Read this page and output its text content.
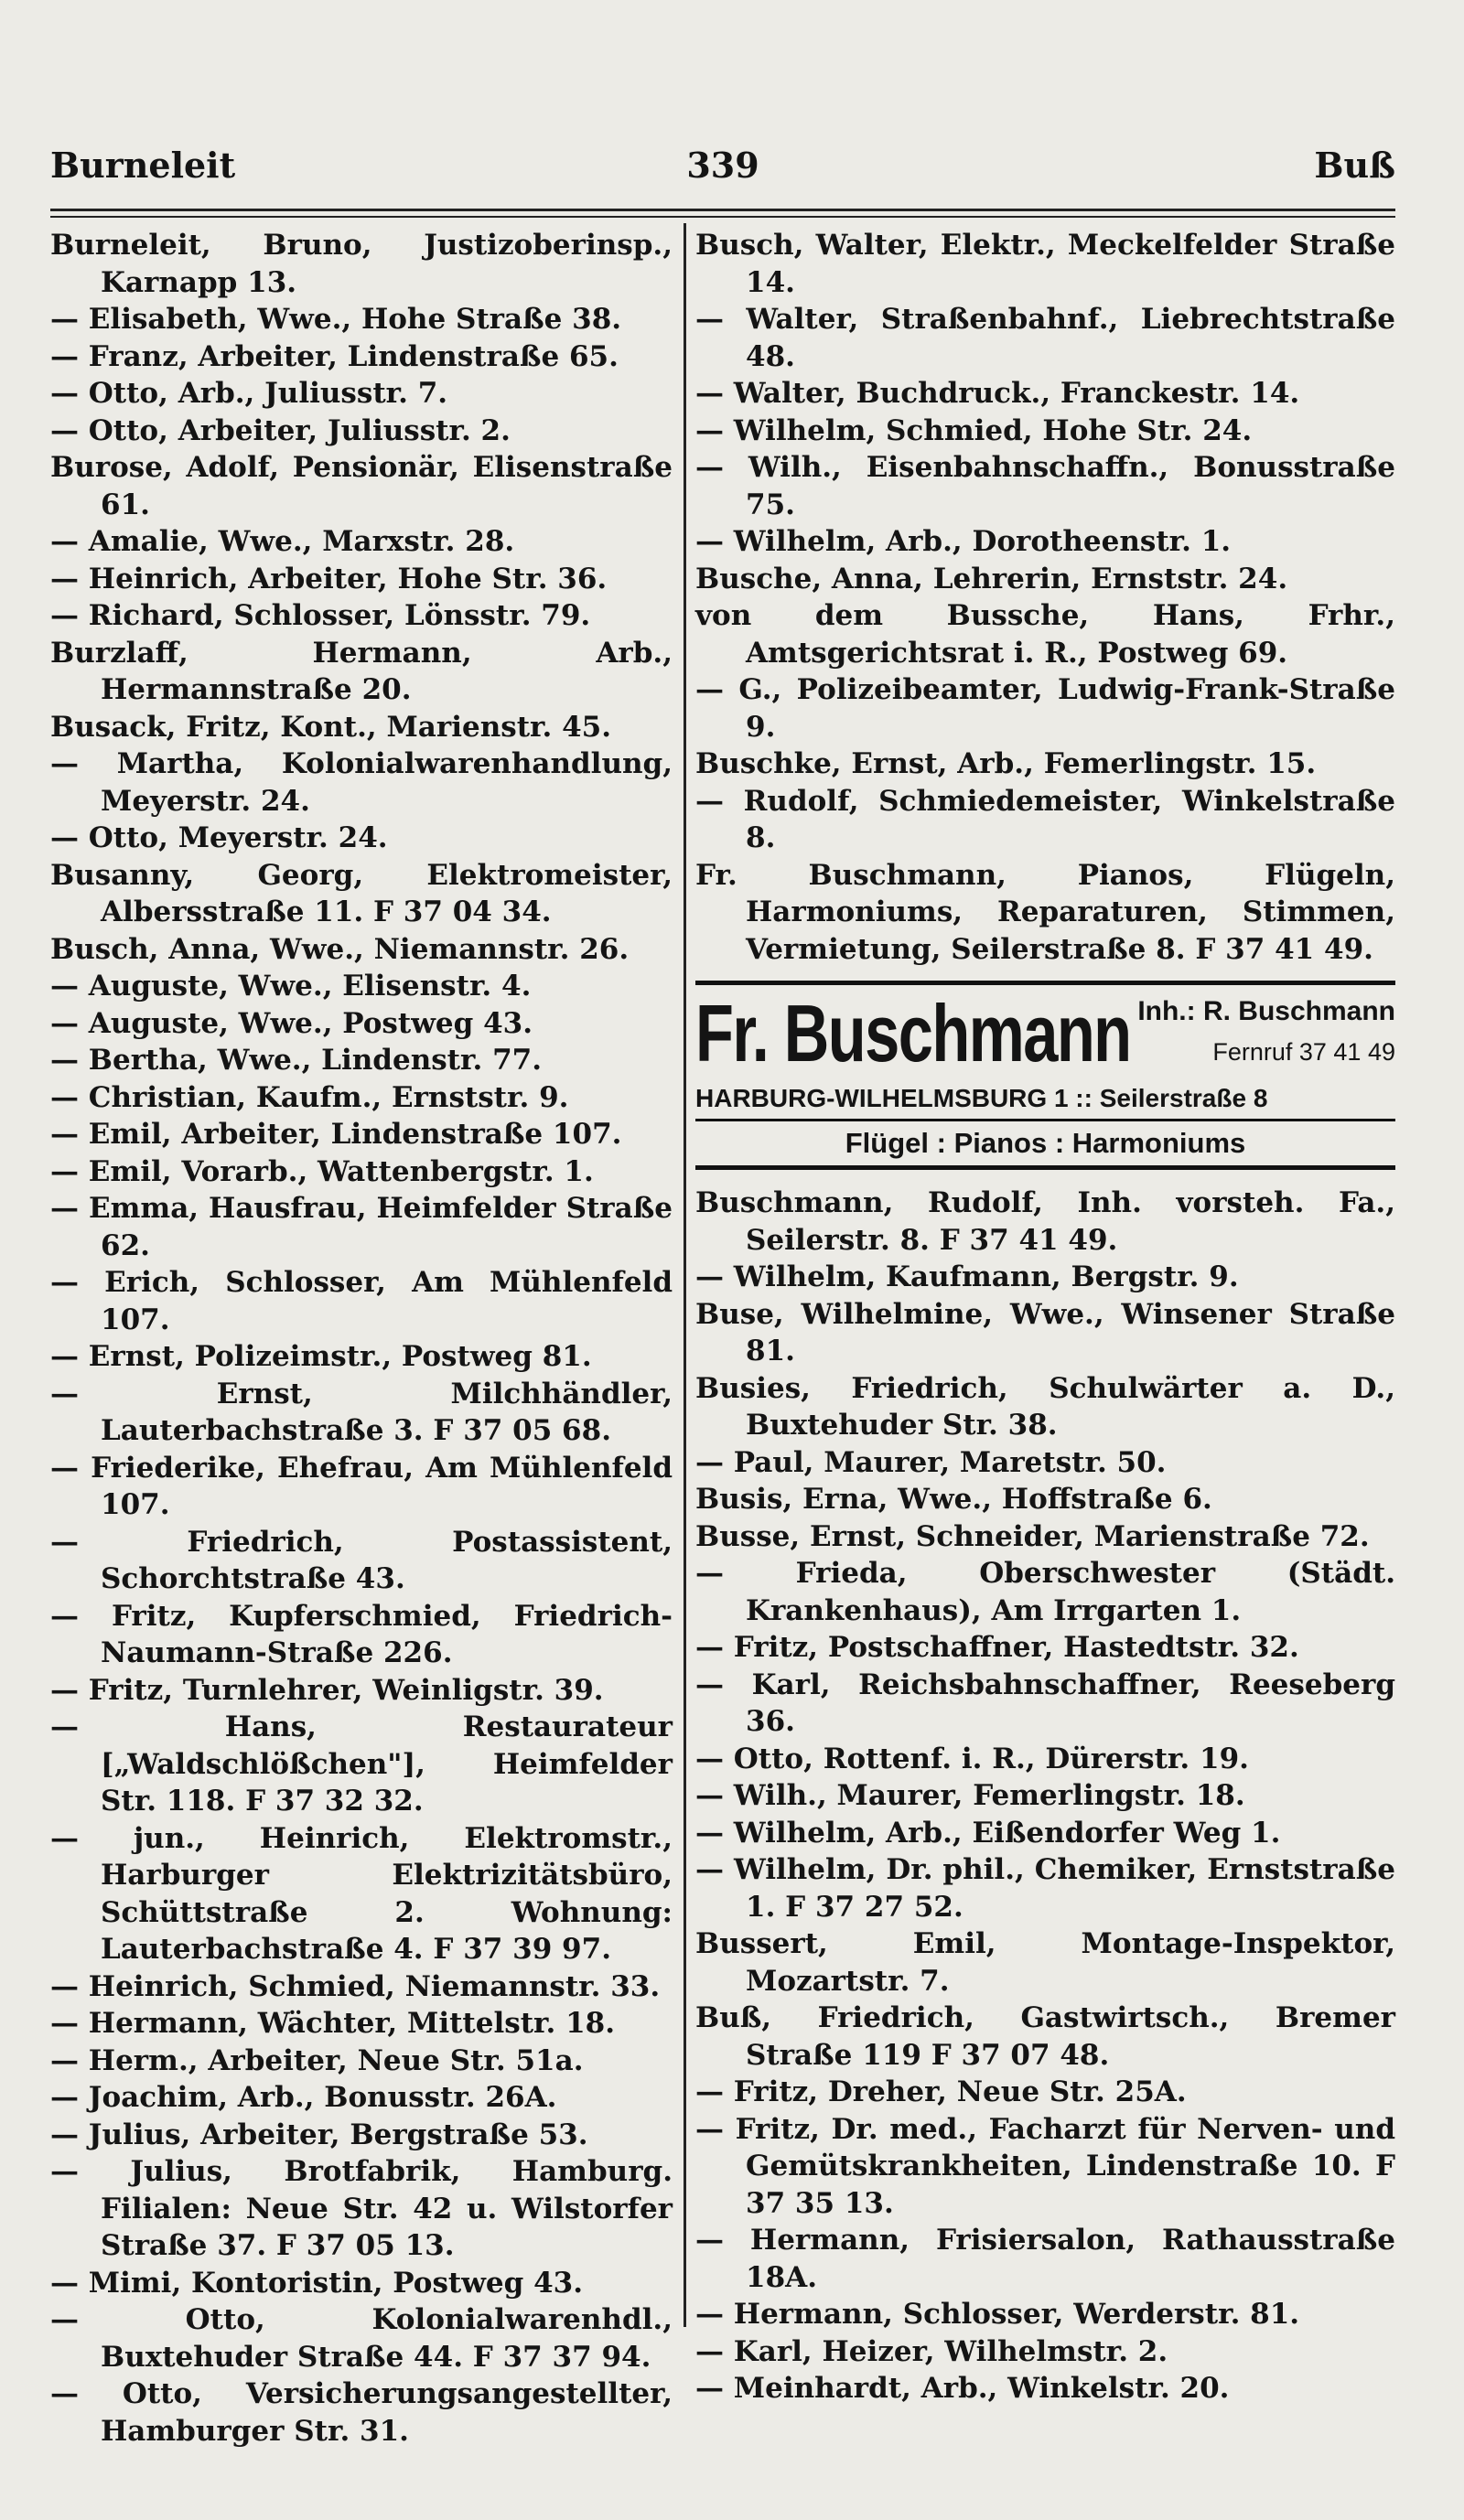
Burneleit	339	Buß

Burneleit, Bruno, Justizoberinsp., Karnapp 13.

— Elisabeth, Wwe., Hohe Straße 38.

— Franz, Arbeiter, Lindenstraße 65.

— Otto, Arb., Juliusstr. 7.

— Otto, Arbeiter, Juliusstr. 2.

Burose, Adolf, Pensionär, Elisenstraße 61.

— Amalie, Wwe., Marxstr. 28.

— Heinrich, Arbeiter, Hohe Str. 36.

— Richard, Schlosser, Lönsstr. 79.

Burzlaff, Hermann, Arb., Hermannstraße 20.

Busack, Fritz, Kont., Marienstr. 45.

— Martha, Kolonialwarenhandlung, Meyerstr. 24.

— Otto, Meyerstr. 24.

Busanny, Georg, Elektromeister, Albersstraße 11. F 37 04 34.

Busch, Anna, Wwe., Niemannstr. 26.

— Auguste, Wwe., Elisenstr. 4.

— Auguste, Wwe., Postweg 43.

— Bertha, Wwe., Lindenstr. 77.

— Christian, Kaufm., Ernststr. 9.

— Emil, Arbeiter, Lindenstraße 107.

— Emil, Vorarb., Wattenbergstr. 1.

— Emma, Hausfrau, Heimfelder Straße 62.

— Erich, Schlosser, Am Mühlenfeld 107.

— Ernst, Polizeimstr., Postweg 81.

— Ernst, Milchhändler, Lauterbachstraße 3. F 37 05 68.

— Friederike, Ehefrau, Am Mühlenfeld 107.

— Friedrich, Postassistent, Schorchtstraße 43.

— Fritz, Kupferschmied, Friedrich-Naumann-Straße 226.

— Fritz, Turnlehrer, Weinligstr. 39.

— Hans, Restaurateur [„Waldschlößchen"], Heimfelder Str. 118. F 37 32 32.

— jun., Heinrich, Elektromstr., Harburger Elektrizitätsbüro, Schüttstraße 2. Wohnung: Lauterbachstraße 4. F 37 39 97.

— Heinrich, Schmied, Niemannstr. 33.

— Hermann, Wächter, Mittelstr. 18.

— Herm., Arbeiter, Neue Str. 51a.

— Joachim, Arb., Bonusstr. 26A.

— Julius, Arbeiter, Bergstraße 53.

— Julius, Brotfabrik, Hamburg. Filialen: Neue Str. 42 u. Wilstorfer Straße 37. F 37 05 13.

— Mimi, Kontoristin, Postweg 43.

— Otto, Kolonialwarenhdl., Buxtehuder Straße 44. F 37 37 94.

— Otto, Versicherungsangestellter, Hamburger Str. 31.

Busch, Walter, Elektr., Meckelfelder Straße 14.

— Walter, Straßenbahnf., Liebrechtstraße 48.

— Walter, Buchdruck., Franckestr. 14.

— Wilhelm, Schmied, Hohe Str. 24.

— Wilh., Eisenbahnschaffn., Bonusstraße 75.

— Wilhelm, Arb., Dorotheenstr. 1.

Busche, Anna, Lehrerin, Ernststr. 24.

von dem Bussche, Hans, Frhr., Amtsgerichtsrat i. R., Postweg 69.

— G., Polizeibeamter, Ludwig-Frank-Straße 9.

Buschke, Ernst, Arb., Femerlingstr. 15.

— Rudolf, Schmiedemeister, Winkelstraße 8.

Fr. Buschmann, Pianos, Flügeln, Harmoniums, Reparaturen, Stimmen, Vermietung, Seilerstraße 8. F 37 41 49.

Fr. Buschmann Inh.: R. Buschmann
Fernruf 37 41 49
HARBURG-WILHELMSBURG 1 :: Seilerstraße 8
Flügel : Pianos : Harmoniums

Buschmann, Rudolf, Inh. vorsteh. Fa., Seilerstr. 8. F 37 41 49.

— Wilhelm, Kaufmann, Bergstr. 9.

Buse, Wilhelmine, Wwe., Winsener Straße 81.

Busies, Friedrich, Schulwärter a. D., Buxtehuder Str. 38.

— Paul, Maurer, Maretstr. 50.

Busis, Erna, Wwe., Hoffstraße 6.

Busse, Ernst, Schneider, Marienstraße 72.

— Frieda, Oberschwester (Städt. Krankenhaus), Am Irrgarten 1.

— Fritz, Postschaffner, Hastedtstr. 32.

— Karl, Reichsbahnschaffner, Reeseberg 36.

— Otto, Rottenf. i. R., Dürerstr. 19.

— Wilh., Maurer, Femerlingstr. 18.

— Wilhelm, Arb., Eißendorfer Weg 1.

— Wilhelm, Dr. phil., Chemiker, Ernststraße 1. F 37 27 52.

Bussert, Emil, Montage-Inspektor, Mozartstr. 7.

Buß, Friedrich, Gastwirtsch., Bremer Straße 119 F 37 07 48.

— Fritz, Dreher, Neue Str. 25A.

— Fritz, Dr. med., Facharzt für Nerven- und Gemütskrankheiten, Lindenstraße 10. F 37 35 13.

— Hermann, Frisiersalon, Rathausstraße 18A.

— Hermann, Schlosser, Werderstr. 81.

— Karl, Heizer, Wilhelmstr. 2.

— Meinhardt, Arb., Winkelstr. 20.
